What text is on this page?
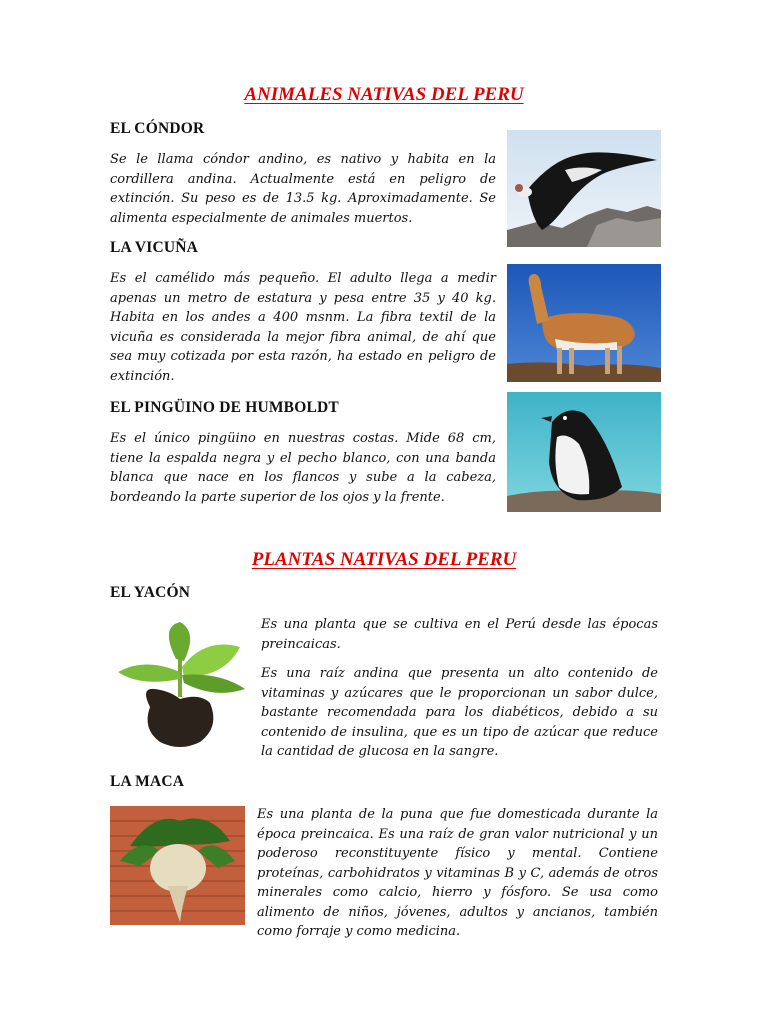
ANIMALES NATIVAS DEL PERU
EL CÓNDOR

Se le llama cóndor andino, es nativo y habita en la cordillera andina. Actualmente está en peligro de extinción. Su peso es de 13.5 kg. Aproximadamente. Se alimenta especialmente de animales muertos.

LA VICUÑA

Es el camélido más pequeño. El adulto llega a medir apenas un metro de estatura y pesa entre 35 y 40 kg. Habita en los andes a 400 msnm. La fibra textil de la vicuña es considerada la mejor fibra animal, de ahí que sea muy cotizada por esta razón, ha estado en peligro de extinción.

EL PINGÜINO DE HUMBOLDT

Es el único pingüino en nuestras costas. Mide 68 cm, tiene la espalda negra y el pecho blanco, con una banda blanca que nace en los flancos y sube a la cabeza, bordeando la parte superior de los ojos y la frente.

PLANTAS NATIVAS DEL PERU
EL YACÓN

Es una planta que se cultiva en el Perú desde las épocas preincaicas.

Es una raíz andina que presenta un alto contenido de vitaminas y azúcares que le proporcionan un sabor dulce, bastante recomendada para los diabéticos, debido a su contenido de insulina, que es un tipo de azúcar que reduce la cantidad de glucosa en la sangre.

LA MACA

Es una planta de la puna que fue domesticada durante la época preincaica. Es una raíz de gran valor nutricional y un poderoso reconstituyente físico y mental. Contiene proteínas, carbohidratos y vitaminas B y C, además de otros minerales como calcio, hierro y fósforo. Se usa como alimento de niños, jóvenes, adultos y ancianos, también como forraje y como medicina.
